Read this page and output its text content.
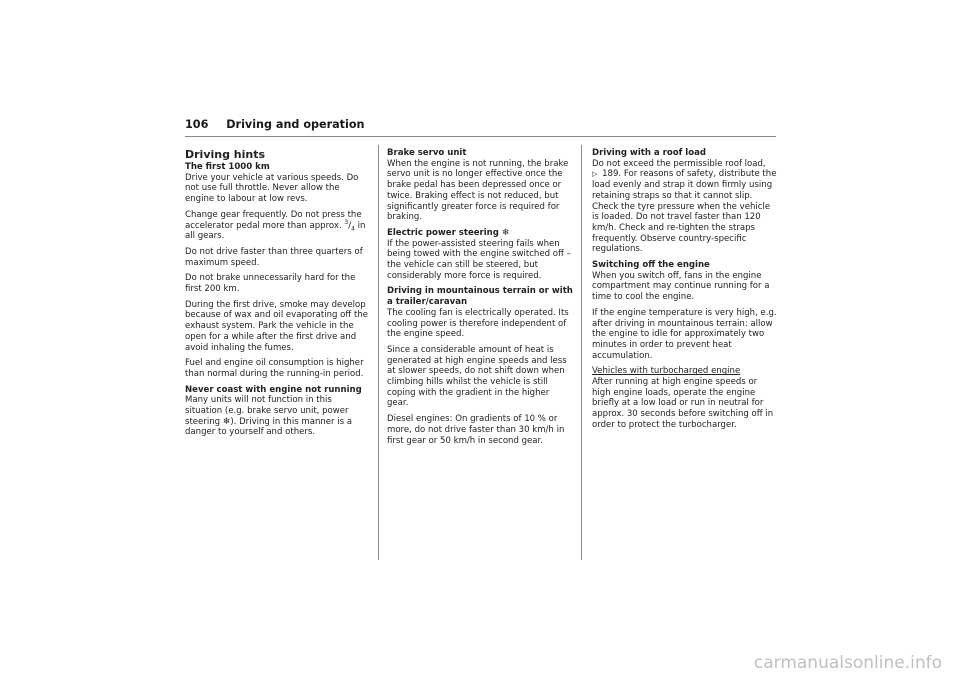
106 Driving and operation
Driving hints
The first 1000 km

Drive your vehicle at various speeds. Do not use full throttle. Never allow the engine to labour at low revs.

Change gear frequently. Do not press the accelerator pedal more than approx. $^3/_4$ in all gears.

Do not drive faster than three quarters of maximum speed.

Do not brake unnecessarily hard for the first 200 km.

During the first drive, smoke may develop because of wax and oil evaporating off the exhaust system. Park the vehicle in the open for a while after the first drive and avoid inhaling the fumes.

Fuel and engine oil consumption is higher than normal during the running-in period.

Never coast with engine not running

Many units will not function in this situation (e.g. brake servo unit, power steering ❄). Driving in this manner is a danger to yourself and others.

Brake servo unit

When the engine is not running, the brake servo unit is no longer effective once the brake pedal has been depressed once or twice. Braking effect is not reduced, but significantly greater force is required for braking.

Electric power steering ❄

If the power-assisted steering fails when being towed with the engine switched off – the vehicle can still be steered, but considerably more force is required.

Driving in mountainous terrain or with a trailer/caravan

The cooling fan is electrically operated. Its cooling power is therefore independent of the engine speed.

Since a considerable amount of heat is generated at high engine speeds and less at slower speeds, do not shift down when climbing hills whilst the vehicle is still coping with the gradient in the higher gear.

Diesel engines: On gradients of 10 % or more, do not drive faster than 30 km/h in first gear or 50 km/h in second gear.

Driving with a roof load

Do not exceed the permissible roof load,
▷ 189. For reasons of safety, distribute the load evenly and strap it down firmly using retaining straps so that it cannot slip. Check the tyre pressure when the vehicle is loaded. Do not travel faster than 120 km/h. Check and re-tighten the straps frequently. Observe country-specific regulations.

Switching off the engine

When you switch off, fans in the engine compartment may continue running for a time to cool the engine.

If the engine temperature is very high, e.g. after driving in mountainous terrain: allow the engine to idle for approximately two minutes in order to prevent heat accumulation.

Vehicles with turbocharged engine

After running at high engine speeds or high engine loads, operate the engine briefly at a low load or run in neutral for approx. 30 seconds before switching off in order to protect the turbocharger.

carmanualsonline.info
